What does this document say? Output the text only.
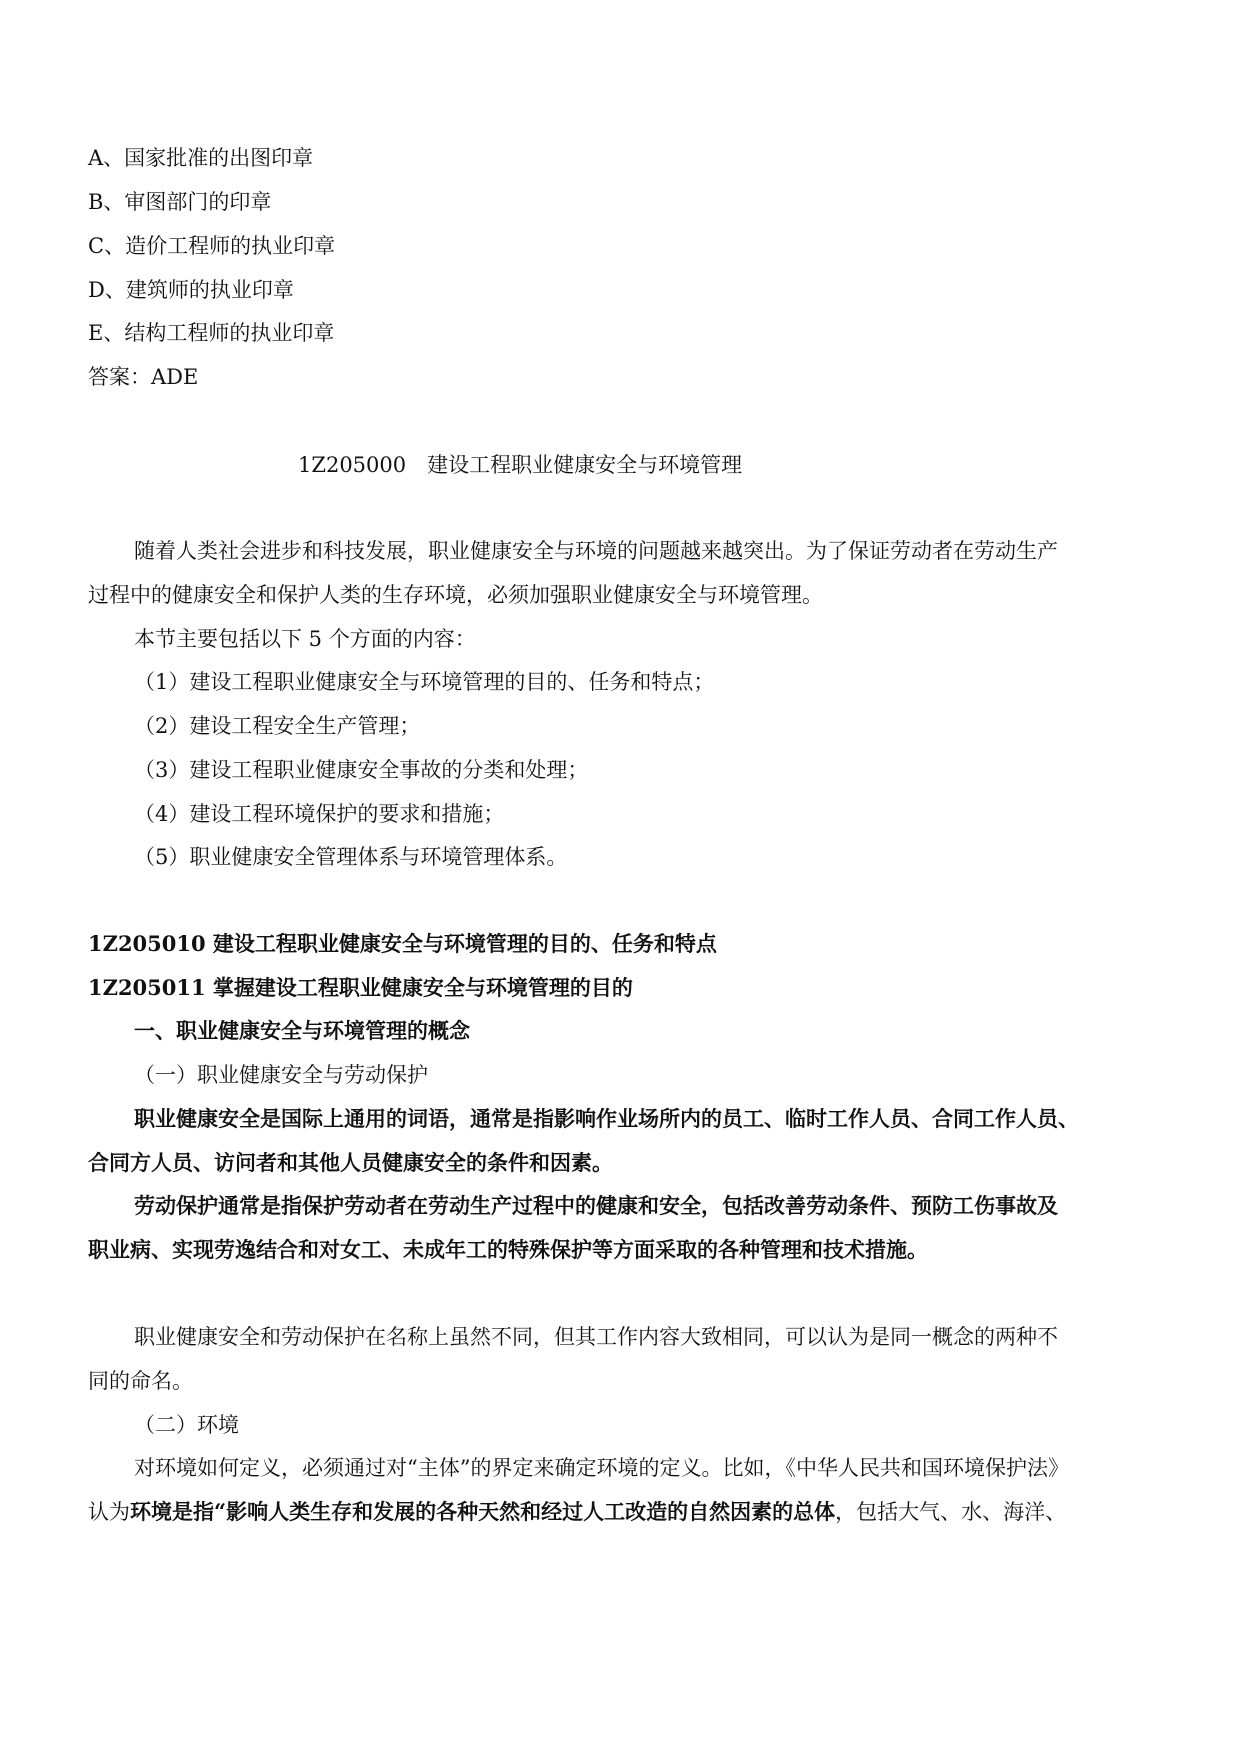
A、国家批准的出图印章
B、审图部门的印章
C、造价工程师的执业印章
D、建筑师的执业印章
E、结构工程师的执业印章
答案：ADE
1Z205000　建设工程职业健康安全与环境管理
随着人类社会进步和科技发展，职业健康安全与环境的问题越来越突出。为了保证劳动者在劳动生产
过程中的健康安全和保护人类的生存环境，必须加强职业健康安全与环境管理。
本节主要包括以下 5 个方面的内容：
（1）建设工程职业健康安全与环境管理的目的、任务和特点；
（2）建设工程安全生产管理；
（3）建设工程职业健康安全事故的分类和处理；
（4）建设工程环境保护的要求和措施；
（5）职业健康安全管理体系与环境管理体系。
1Z205010 建设工程职业健康安全与环境管理的目的、任务和特点
1Z205011 掌握建设工程职业健康安全与环境管理的目的
一、职业健康安全与环境管理的概念
（一）职业健康安全与劳动保护
职业健康安全是国际上通用的词语，通常是指影响作业场所内的员工、临时工作人员、合同工作人员、
合同方人员、访问者和其他人员健康安全的条件和因素。
劳动保护通常是指保护劳动者在劳动生产过程中的健康和安全，包括改善劳动条件、预防工伤事故及
职业病、实现劳逸结合和对女工、未成年工的特殊保护等方面采取的各种管理和技术措施。
职业健康安全和劳动保护在名称上虽然不同，但其工作内容大致相同，可以认为是同一概念的两种不
同的命名。
（二）环境
对环境如何定义，必须通过对“主体”的界定来确定环境的定义。比如，《中华人民共和国环境保护法》
认为环境是指“影响人类生存和发展的各种天然和经过人工改造的自然因素的总体，包括大气、水、海洋、
